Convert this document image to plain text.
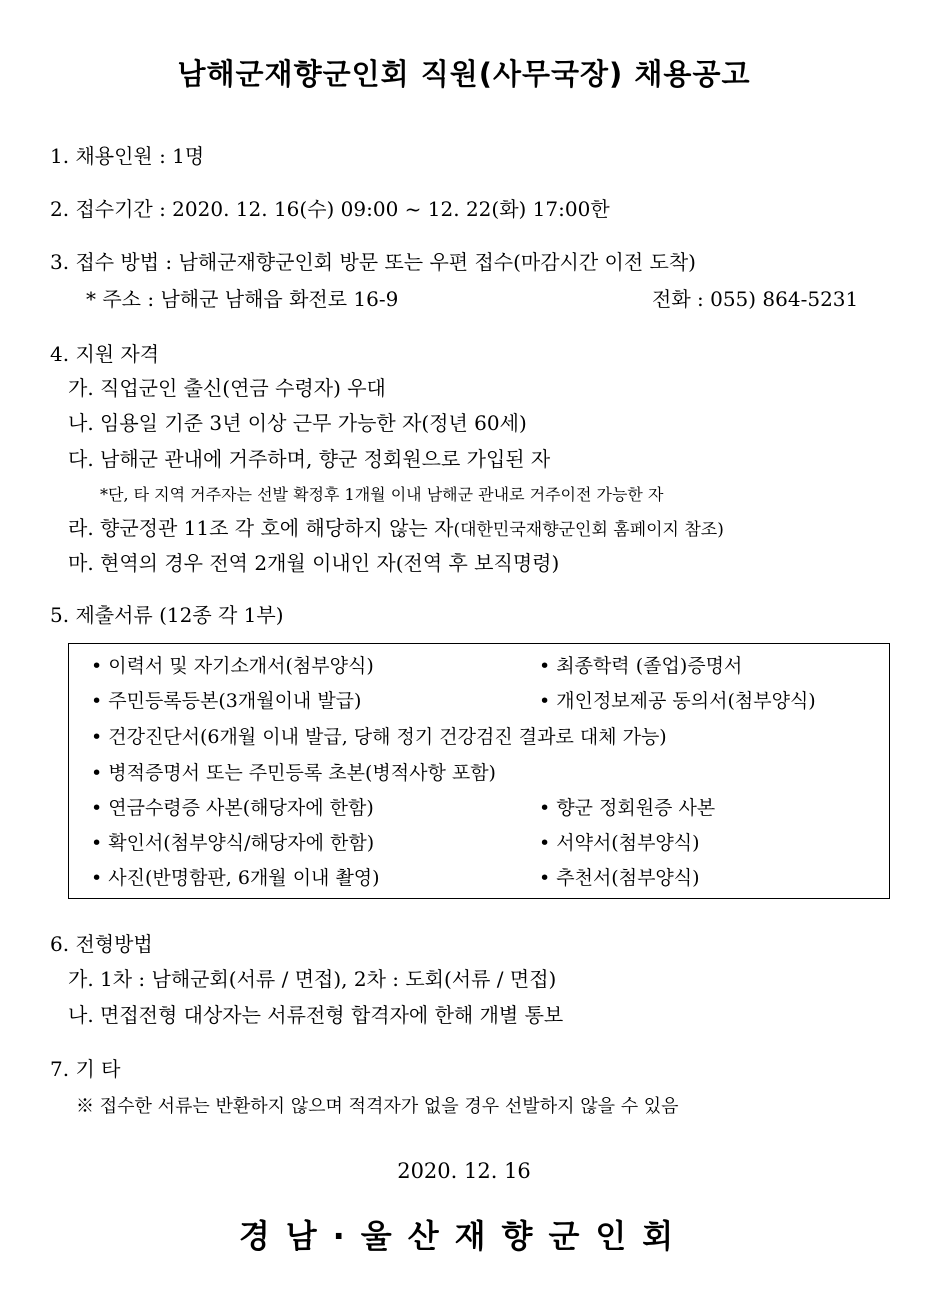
남해군재향군인회 직원(사무국장) 채용공고
1. 채용인원 : 1명
2. 접수기간 : 2020. 12. 16(수) 09:00 ~ 12. 22(화) 17:00한
3. 접수 방법 : 남해군재향군인회 방문 또는 우편 접수(마감시간 이전 도착)
* 주소 : 남해군 남해읍 화전로 16-9	전화 : 055) 864-5231
4. 지원 자격
가. 직업군인 출신(연금 수령자) 우대
나. 임용일 기준 3년 이상 근무 가능한 자(정년 60세)
다. 남해군 관내에 거주하며, 향군 정회원으로 가입된 자
*단, 타 지역 거주자는 선발 확정후 1개월 이내 남해군 관내로 거주이전 가능한 자
라. 향군정관 11조 각 호에 해당하지 않는 자(대한민국재향군인회 홈페이지 참조)
마. 현역의 경우 전역 2개월 이내인 자(전역 후 보직명령)
5. 제출서류 (12종 각 1부)
• 이력서 및 자기소개서(첨부양식)	• 최종학력 (졸업)증명서
• 주민등록등본(3개월이내 발급)	• 개인정보제공 동의서(첨부양식)
• 건강진단서(6개월 이내 발급, 당해 정기 건강검진 결과로 대체 가능)
• 병적증명서 또는 주민등록 초본(병적사항 포함)
• 연금수령증 사본(해당자에 한함)	• 향군 정회원증 사본
• 확인서(첨부양식/해당자에 한함)	• 서약서(첨부양식)
• 사진(반명함판, 6개월 이내 촬영)	• 추천서(첨부양식)
6. 전형방법
가. 1차 : 남해군회(서류 / 면접), 2차 : 도회(서류 / 면접)
나. 면접전형 대상자는 서류전형 합격자에 한해 개별 통보
7. 기 타
※ 접수한 서류는 반환하지 않으며 적격자가 없을 경우 선발하지 않을 수 있음
2020. 12. 16
경남·울산재향군인회
